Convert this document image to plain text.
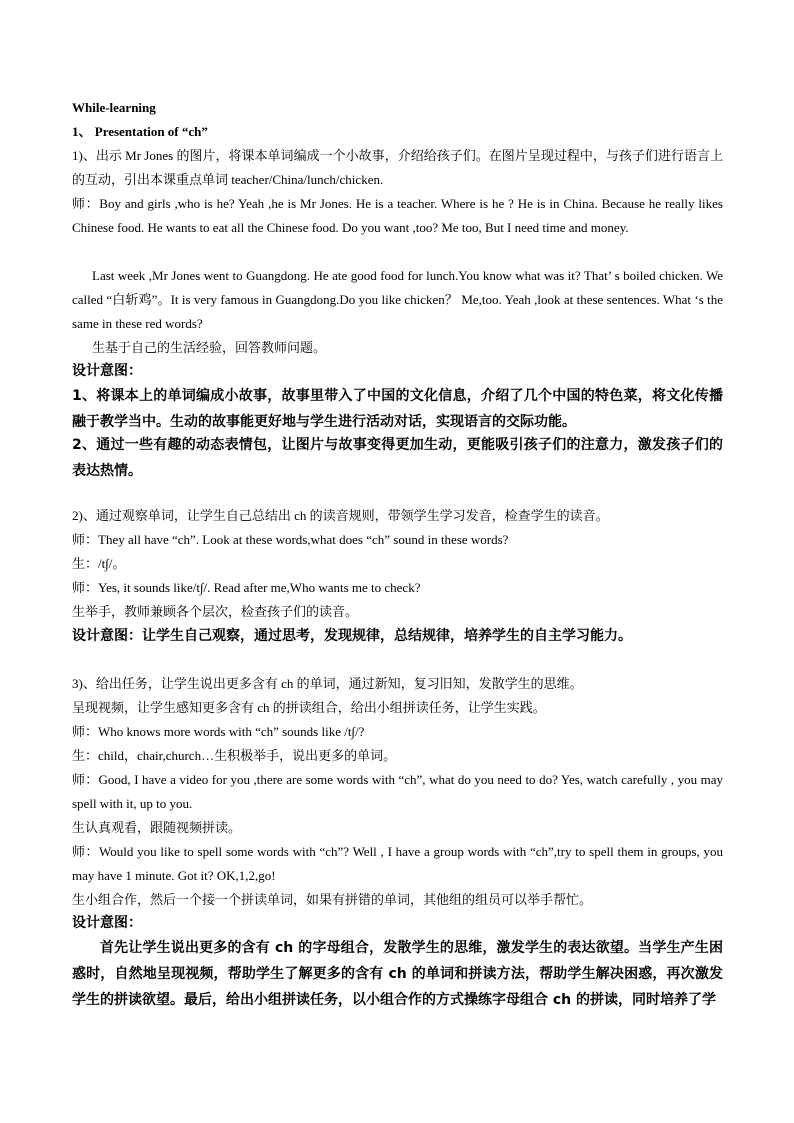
While-learning
1、 Presentation of “ch”
1)、出示 Mr Jones 的图片，将课本单词编成一个小故事，介绍给孩子们。在图片呈现过程中，与孩子们进行语言上的互动，引出本课重点单词 teacher/China/lunch/chicken.
师：Boy and girls ,who is he? Yeah ,he is Mr Jones. He is a teacher. Where is he ? He is in China. Because he really likes Chinese food. He wants to eat all the Chinese food. Do you want ,too? Me too, But I need time and money.
Last week ,Mr Jones went to Guangdong. He ate good food for lunch.You know what was it? That’ s boiled chicken. We called “白斩鸡”。It is very famous in Guangdong.Do you like chicken？ Me,too. Yeah ,look at these sentences. What ‘s the same in these red words?
生基于自己的生活经验，回答教师问题。
设计意图：
1、将课本上的单词编成小故事，故事里带入了中国的文化信息，介绍了几个中国的特色菜，将文化传播融于教学当中。生动的故事能更好地与学生进行活动对话，实现语言的交际功能。
2、通过一些有趣的动态表情包，让图片与故事变得更加生动，更能吸引孩子们的注意力，激发孩子们的表达热情。
2)、通过观察单词，让学生自己总结出 ch 的读音规则，带领学生学习发音，检查学生的读音。
师：They all have “ch”. Look at these words,what does “ch” sound in these words?
生：/t∫/。
师：Yes, it sounds like/t∫/. Read after me,Who wants me to check?
生举手，教师兼顾各个层次，检查孩子们的读音。
设计意图：让学生自己观察，通过思考，发现规律，总结规律，培养学生的自主学习能力。
3)、给出任务，让学生说出更多含有 ch 的单词，通过新知，复习旧知，发散学生的思维。
呈现视频，让学生感知更多含有 ch 的拼读组合，给出小组拼读任务，让学生实践。
师：Who knows more words with “ch” sounds like /t∫/?
生：child，chair,church…生积极举手，说出更多的单词。
师：Good, I have a video for you ,there are some words with “ch”, what do you need to do? Yes, watch carefully , you may spell with it, up to you.
生认真观看，跟随视频拼读。
师：Would you like to spell some words with “ch”? Well , I have a group words with “ch”,try to spell them in groups, you may have 1 minute. Got it? OK,1,2,go!
生小组合作，然后一个接一个拼读单词，如果有拼错的单词，其他组的组员可以举手帮忙。
设计意图：
首先让学生说出更多的含有 ch 的字母组合，发散学生的思维，激发学生的表达欲望。当学生产生困惑时，自然地呈现视频，帮助学生了解更多的含有 ch 的单词和拼读方法，帮助学生解决困惑，再次激发学生的拼读欲望。最后，给出小组拼读任务，以小组合作的方式操练字母组合 ch 的拼读，同时培养了学
